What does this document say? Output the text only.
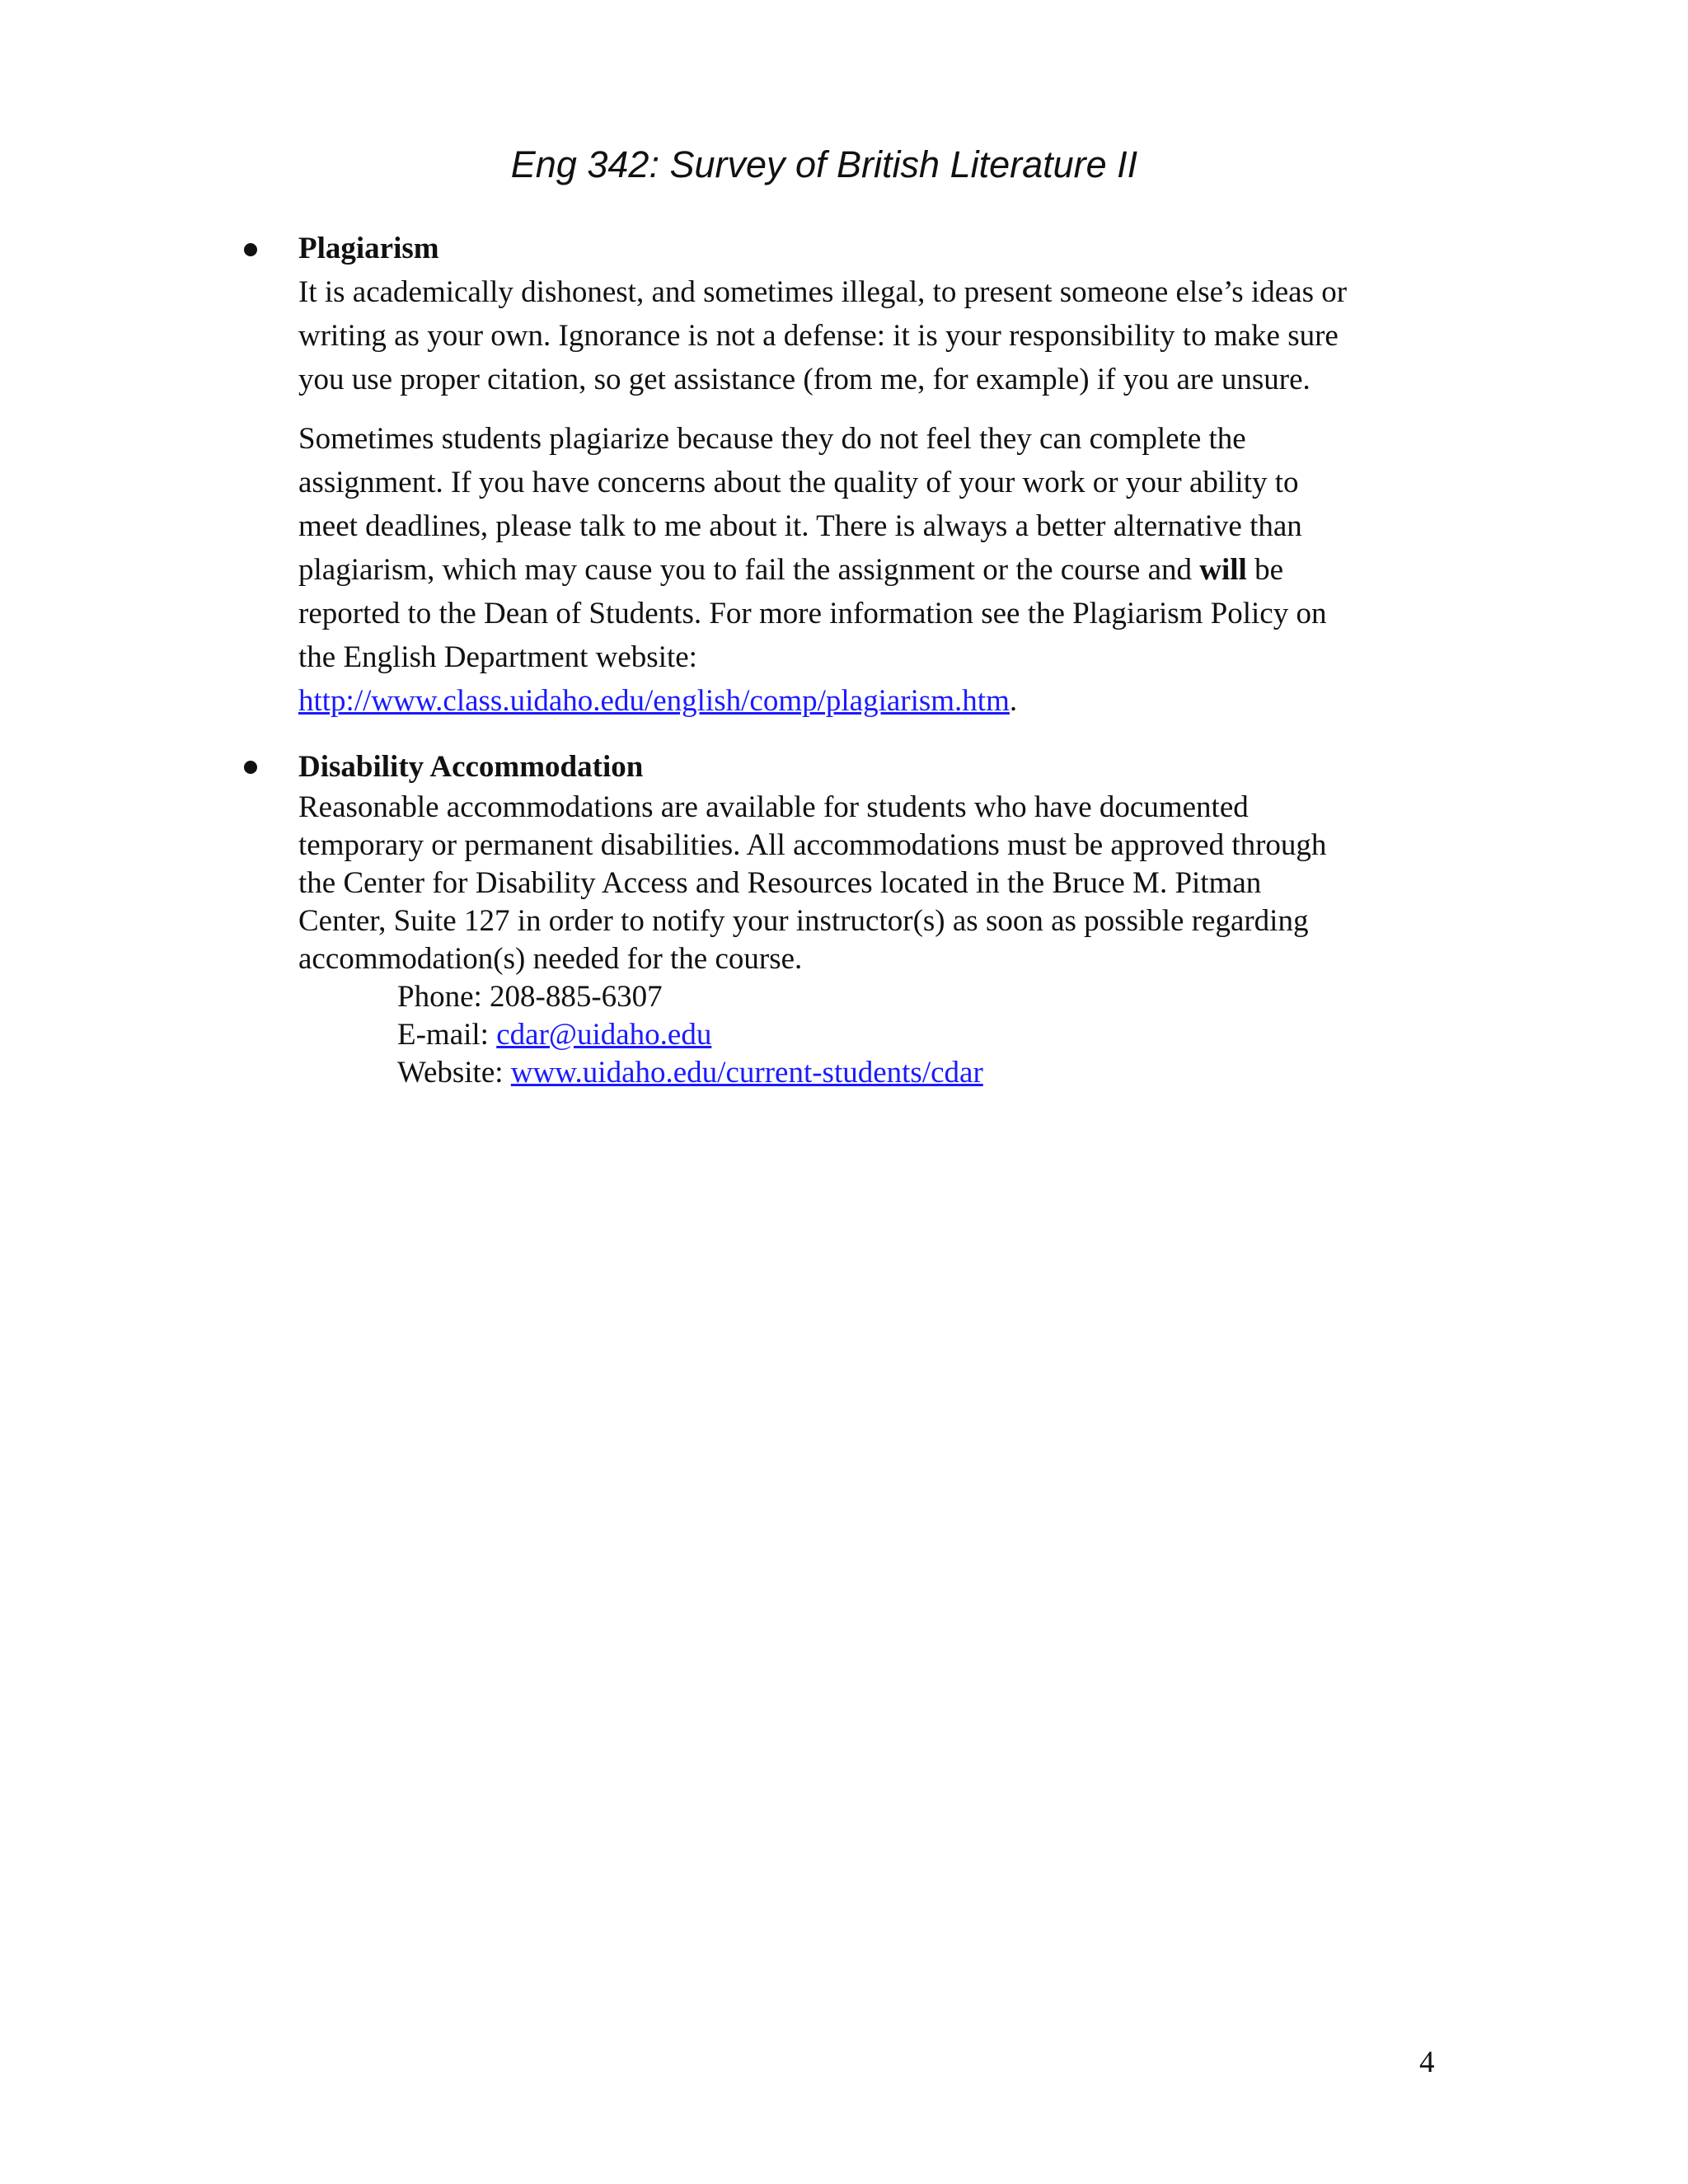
Eng 342: Survey of British Literature II
Plagiarism
It is academically dishonest, and sometimes illegal, to present someone else’s ideas or
writing as your own. Ignorance is not a defense: it is your responsibility to make sure
you use proper citation, so get assistance (from me, for example) if you are unsure.
Sometimes students plagiarize because they do not feel they can complete the
assignment. If you have concerns about the quality of your work or your ability to
meet deadlines, please talk to me about it. There is always a better alternative than
plagiarism, which may cause you to fail the assignment or the course and will be
reported to the Dean of Students. For more information see the Plagiarism Policy on
the English Department website:
http://www.class.uidaho.edu/english/comp/plagiarism.htm.
Disability Accommodation
Reasonable accommodations are available for students who have documented
temporary or permanent disabilities. All accommodations must be approved through
the Center for Disability Access and Resources located in the Bruce M. Pitman
Center, Suite 127 in order to notify your instructor(s) as soon as possible regarding
accommodation(s) needed for the course.
Phone: 208-885-6307
E-mail: cdar@uidaho.edu
Website: www.uidaho.edu/current-students/cdar
4
